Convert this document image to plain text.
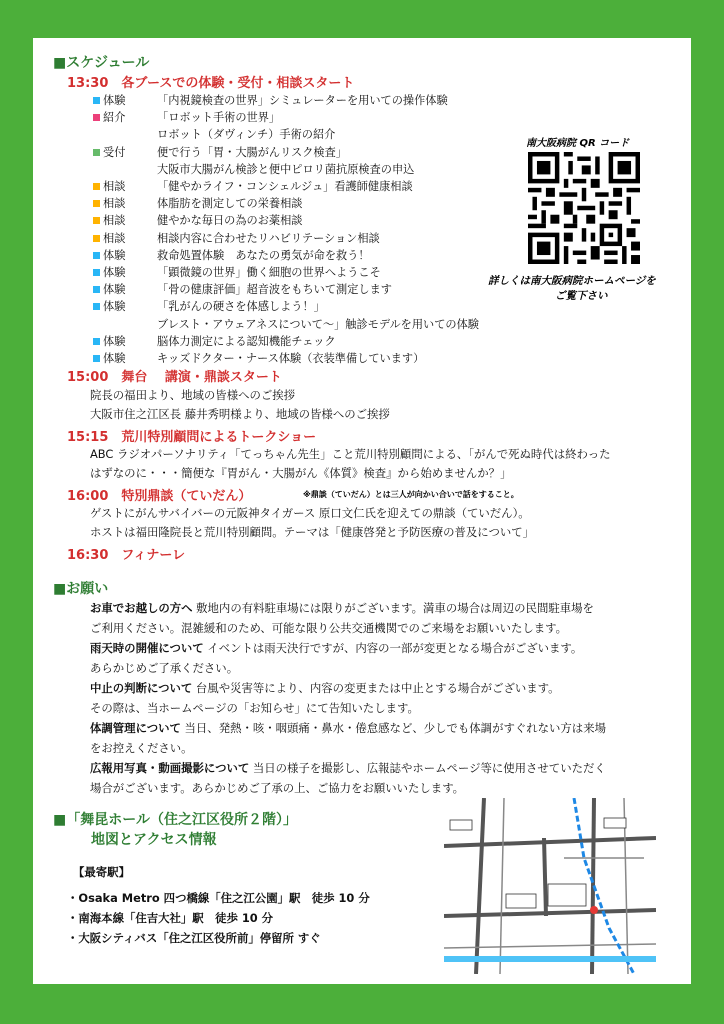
■スケジュール
13:30　各ブースでの体験・受付・相談スタート
体験	「内視鏡検査の世界」シミュレーターを用いての操作体験
紹介	「ロボット手術の世界」
ロボット（ダヴィンチ）手術の紹介
受付	便で行う「胃・大腸がんリスク検査」
大阪市大腸がん検診と便中ピロリ菌抗原検査の申込
相談	「健やかライフ・コンシェルジュ」看護師健康相談
相談	体脂肪を測定しての栄養相談
相談	健やかな毎日の為のお薬相談
相談	相談内容に合わせたリハビリテーション相談
体験	救命処置体験　あなたの勇気が命を救う！
体験	「顕微鏡の世界」働く細胞の世界へようこそ
体験	「骨の健康評価」超音波をもちいて測定します
体験	「乳がんの硬さを体感しよう！」
ブレスト・アウェアネスについて～」触診モデルを用いての体験
体験	脳体力測定による認知機能チェック
体験	キッズドクター・ナース体験（衣装準備しています）
15:00　舞台　 講演・鼎談スタート
院長の福田より、地域の皆様へのご挨拶
大阪市住之江区長 藤井秀明様より、地域の皆様へのご挨拶
15:15　荒川特別顧問によるトークショー
ABC ラジオパーソナリティ「てっちゃん先生」こと荒川特別顧問による、「がんで死ぬ時代は終わった
はずなのに・・・簡便な『胃がん・大腸がん《体質》検査』から始めませんか？」
16:00　特別鼎談（ていだん）	※鼎談（ていだん）とは三人が向かい合いで話をすること。
ゲストにがんサバイバーの元阪神タイガース 原口文仁氏を迎えての鼎談（ていだん）。
ホストは福田隆院長と荒川特別顧問。テーマは「健康啓発と予防医療の普及について」
16:30　フィナーレ
南大阪病院 QR コード
詳しくは南大阪病院ホームページを
ご覧下さい
■お願い
お車でお越しの方へ 敷地内の有料駐車場には限りがございます。満車の場合は周辺の民間駐車場を
ご利用ください。混雑緩和のため、可能な限り公共交通機関でのご来場をお願いいたします。
雨天時の開催について イベントは雨天決行ですが、内容の一部が変更となる場合がございます。
あらかじめご了承ください。
中止の判断について 台風や災害等により、内容の変更または中止とする場合がございます。
その際は、当ホームページの「お知らせ」にて告知いたします。
体調管理について 当日、発熱・咳・咽頭痛・鼻水・倦怠感など、少しでも体調がすぐれない方は来場
をお控えください。
広報用写真・動画撮影について 当日の様子を撮影し、広報誌やホームページ等に使用させていただく
場合がございます。あらかじめご了承の上、ご協力をお願いいたします。
■「舞昆ホール（住之江区役所２階）」
地図とアクセス情報
【最寄駅】
・Osaka Metro 四つ橋線「住之江公園」駅　徒歩 10 分
・南海本線「住吉大社」駅　徒歩 10 分
・大阪シティバス「住之江区役所前」停留所 すぐ
